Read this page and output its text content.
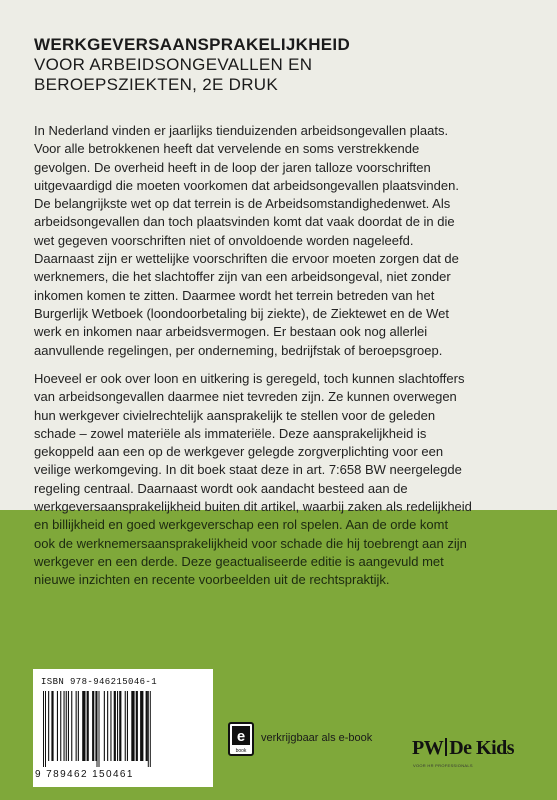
WERKGEVERSAANSPRAKELIJKHEID
VOOR ARBEIDSONGEVALLEN EN
BEROEPSZIEKTEN, 2E DRUK
In Nederland vinden er jaarlijks tienduizenden arbeidsongevallen plaats.
Voor alle betrokkenen heeft dat vervelende en soms verstrekkende
gevolgen. De overheid heeft in de loop der jaren talloze voorschriften
uitgevaardigd die moeten voorkomen dat arbeidsongevallen plaatsvinden.
De belangrijkste wet op dat terrein is de Arbeidsomstandighedenwet. Als
arbeidsongevallen dan toch plaatsvinden komt dat vaak doordat de in die
wet gegeven voorschriften niet of onvoldoende worden nageleefd.
Daarnaast zijn er wettelijke voorschriften die ervoor moeten zorgen dat de
werknemers, die het slachtoffer zijn van een arbeidsongeval, niet zonder
inkomen komen te zitten. Daarmee wordt het terrein betreden van het
Burgerlijk Wetboek (loondoorbetaling bij ziekte), de Ziektewet en de Wet
werk en inkomen naar arbeidsvermogen. Er bestaan ook nog allerlei
aanvullende regelingen, per onderneming, bedrijfstak of beroepsgroep.
Hoeveel er ook over loon en uitkering is geregeld, toch kunnen slachtoffers
van arbeidsongevallen daarmee niet tevreden zijn. Ze kunnen overwegen
hun werkgever civielrechtelijk aansprakelijk te stellen voor de geleden
schade – zowel materiële als immateriële. Deze aansprakelijkheid is
gekoppeld aan een op de werkgever gelegde zorgverplichting voor een
veilige werkomgeving. In dit boek staat deze in art. 7:658 BW neergelegde
regeling centraal. Daarnaast wordt ook aandacht besteed aan de
werkgeversaansprakelijkheid buiten dit artikel, waarbij zaken als redelijkheid
en billijkheid en goed werkgeverschap een rol spelen. Aan de orde komt
ook de werknemersaansprakelijkheid voor schade die hij toebrengt aan zijn
werkgever en een derde. Deze geactualiseerde editie is aangevuld met
nieuwe inzichten en recente voorbeelden uit de rechtspraktijk.
ISBN 978-946215046-1
9 789462 150461
e
book
verkrijgbaar als e-book PW De Kids
VOOR HR PROFESSIONALS
